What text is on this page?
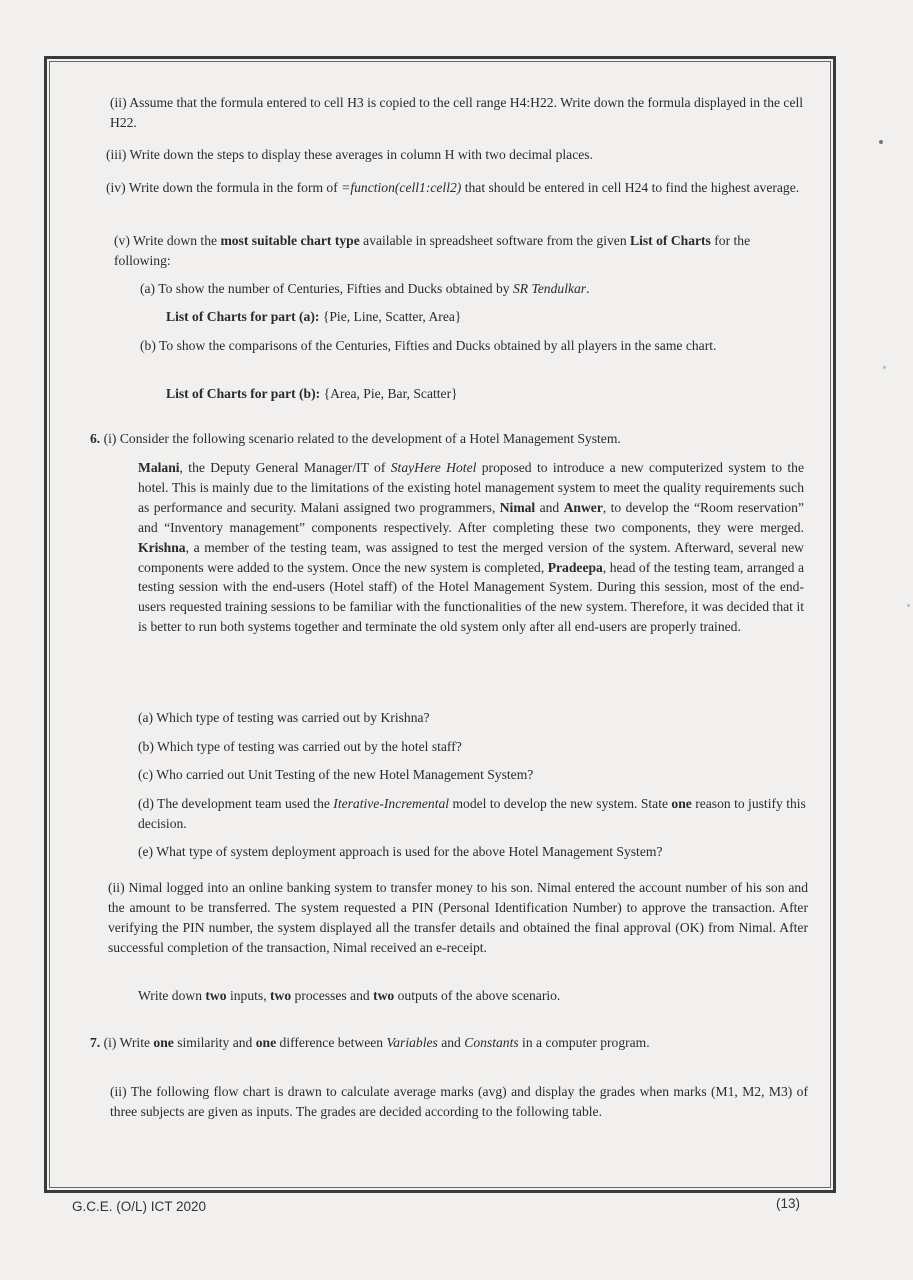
(ii) Assume that the formula entered to cell H3 is copied to the cell range H4:H22. Write down the formula displayed in the cell H22.

(iii) Write down the steps to display these averages in column H with two decimal places.

(iv) Write down the formula in the form of =function(cell1:cell2) that should be entered in cell H24 to find the highest average.

(v) Write down the most suitable chart type available in spreadsheet software from the given List of Charts for the following:

(a) To show the number of Centuries, Fifties and Ducks obtained by SR Tendulkar.

List of Charts for part (a): {Pie, Line, Scatter, Area}

(b) To show the comparisons of the Centuries, Fifties and Ducks obtained by all players in the same chart.

List of Charts for part (b): {Area, Pie, Bar, Scatter}

6. (i) Consider the following scenario related to the development of a Hotel Management System.

Malani, the Deputy General Manager/IT of StayHere Hotel proposed to introduce a new computerized system to the hotel. This is mainly due to the limitations of the existing hotel management system to meet the quality requirements such as performance and security. Malani assigned two programmers, Nimal and Anwer, to develop the “Room reservation” and “Inventory management” components respectively. After completing these two components, they were merged. Krishna, a member of the testing team, was assigned to test the merged version of the system. Afterward, several new components were added to the system. Once the new system is completed, Pradeepa, head of the testing team, arranged a testing session with the end-users (Hotel staff) of the Hotel Management System. During this session, most of the end-users requested training sessions to be familiar with the functionalities of the new system. Therefore, it was decided that it is better to run both systems together and terminate the old system only after all end-users are properly trained.

(a) Which type of testing was carried out by Krishna?

(b) Which type of testing was carried out by the hotel staff?

(c) Who carried out Unit Testing of the new Hotel Management System?

(d) The development team used the Iterative-Incremental model to develop the new system. State one reason to justify this decision.

(e) What type of system deployment approach is used for the above Hotel Management System?

(ii) Nimal logged into an online banking system to transfer money to his son. Nimal entered the account number of his son and the amount to be transferred. The system requested a PIN (Personal Identification Number) to approve the transaction. After verifying the PIN number, the system displayed all the transfer details and obtained the final approval (OK) from Nimal. After successful completion of the transaction, Nimal received an e-receipt.

Write down two inputs, two processes and two outputs of the above scenario.

7. (i) Write one similarity and one difference between Variables and Constants in a computer program.

(ii) The following flow chart is drawn to calculate average marks (avg) and display the grades when marks (M1, M2, M3) of three subjects are given as inputs. The grades are decided according to the following table.

G.C.E. (O/L) ICT 2020	(13)
